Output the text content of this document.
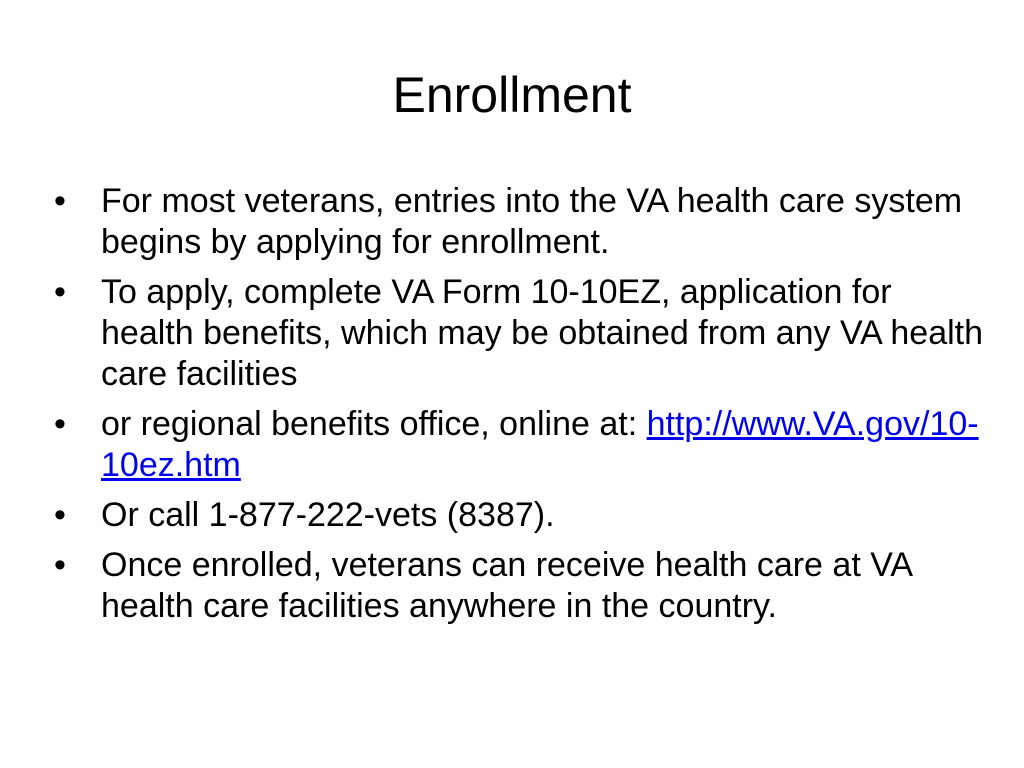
Enrollment
•	For most veterans, entries into the VA health care system begins by applying for enrollment.
•	To apply, complete VA Form 10-10EZ, application for health benefits, which may be obtained from any VA health care facilities
•	or regional benefits office, online at: http://www.VA.gov/10-10ez.htm
•	Or call 1-877-222-vets (8387).
•	Once enrolled, veterans can receive health care at VA health care facilities anywhere in the country.
